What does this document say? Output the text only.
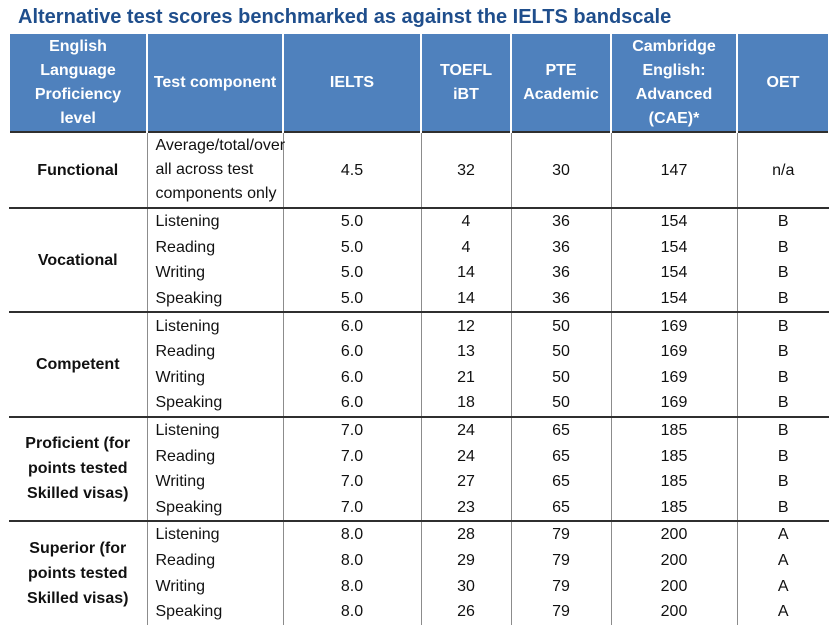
Alternative test scores benchmarked as against the IELTS bandscale
English Language Proficiency level	Test component	IELTS	TOEFL iBT	PTE Academic	Cambridge English: Advanced (CAE)*	OET
Functional	Average/total/over all across test components only	4.5	32	30	147	n/a
Vocational	Listening	5.0	4	36	154	B
	Reading	5.0	4	36	154	B
	Writing	5.0	14	36	154	B
	Speaking	5.0	14	36	154	B
Competent	Listening	6.0	12	50	169	B
	Reading	6.0	13	50	169	B
	Writing	6.0	21	50	169	B
	Speaking	6.0	18	50	169	B
Proficient (for points tested Skilled visas)	Listening	7.0	24	65	185	B
	Reading	7.0	24	65	185	B
	Writing	7.0	27	65	185	B
	Speaking	7.0	23	65	185	B
Superior (for points tested Skilled visas)	Listening	8.0	28	79	200	A
	Reading	8.0	29	79	200	A
	Writing	8.0	30	79	200	A
	Speaking	8.0	26	79	200	A
